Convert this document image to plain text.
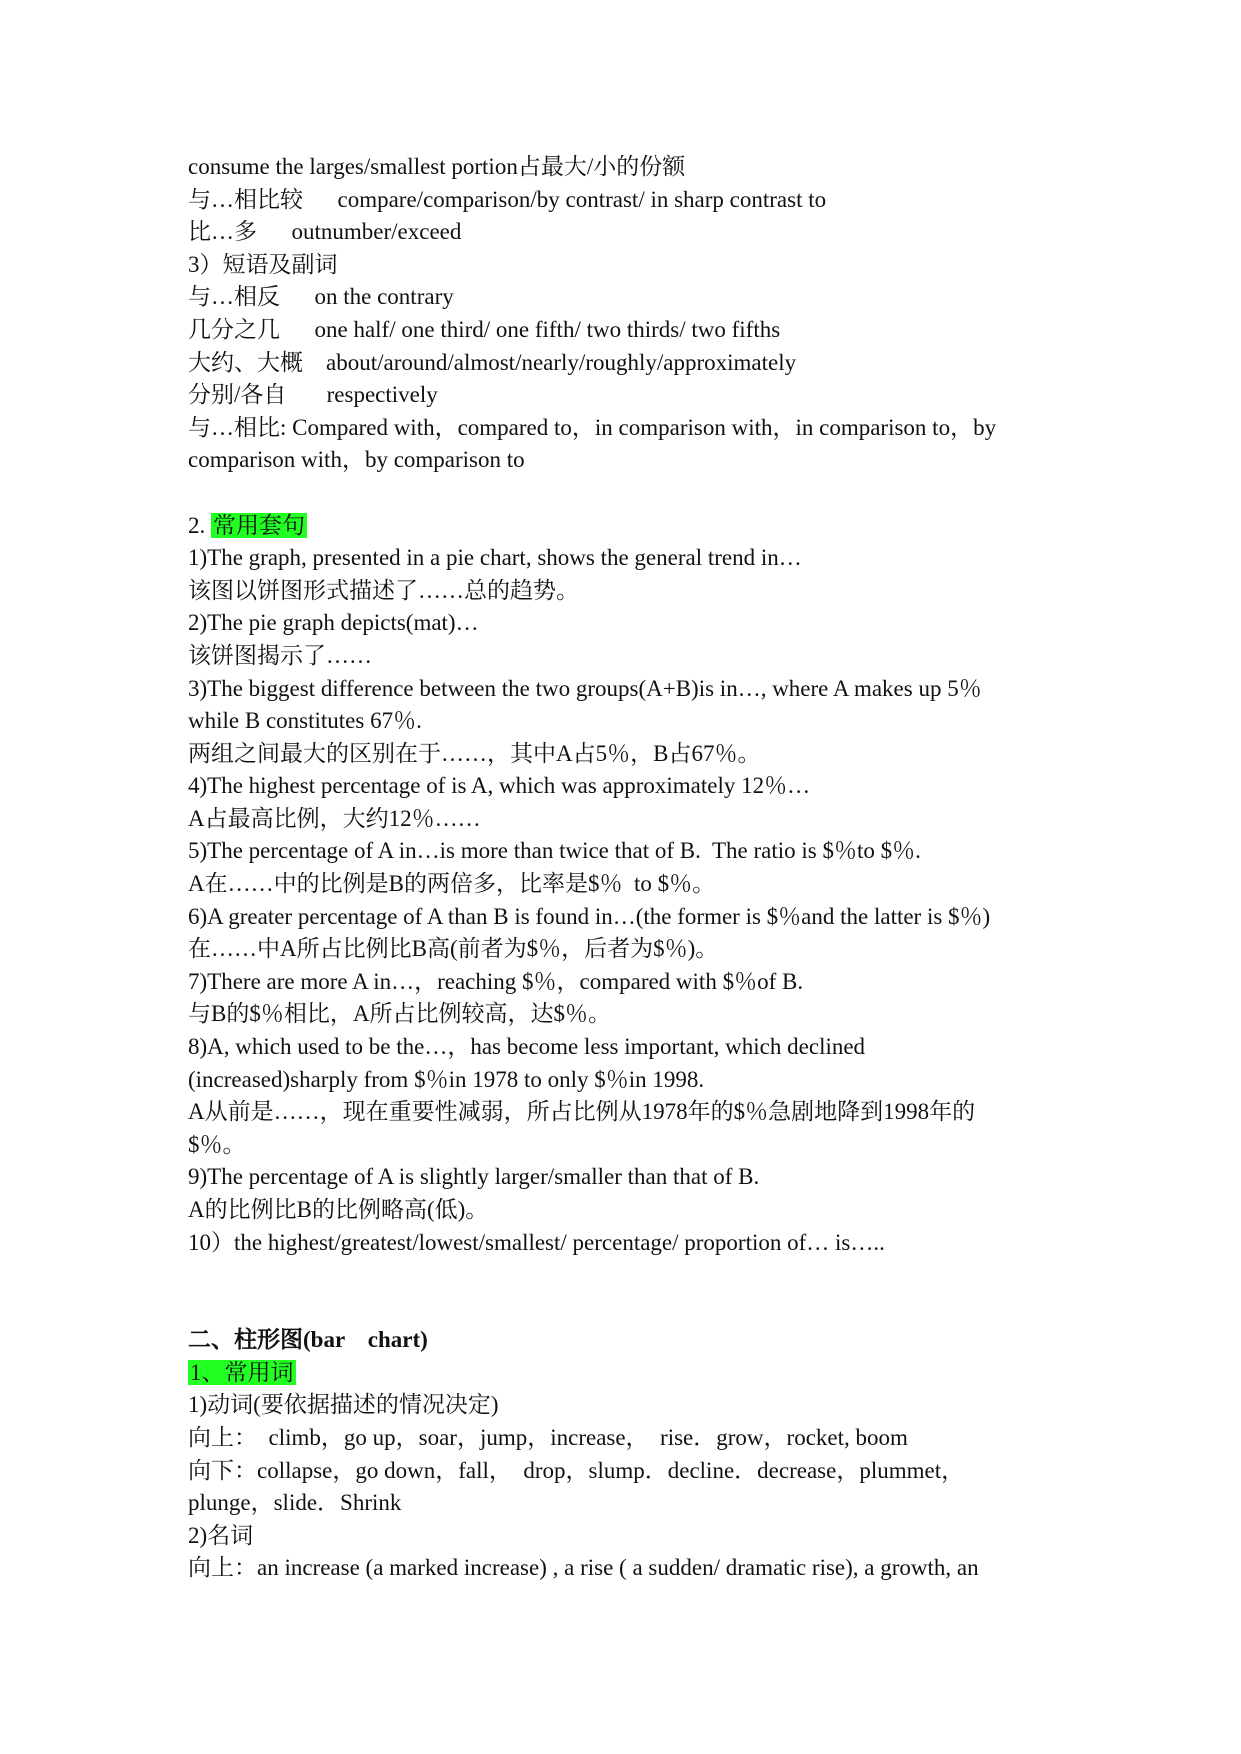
consume the larges/smallest portion占最大/小的份额
与…相比较      compare/comparison/by contrast/ in sharp contrast to
比…多      outnumber/exceed
3）短语及副词
与…相反      on the contrary
几分之几      one half/ one third/ one fifth/ two thirds/ two fifths
大约、大概    about/around/almost/nearly/roughly/approximately
分别/各自       respectively
与…相比: Compared with，compared to，in comparison with，in comparison to，by
comparison with，by comparison to
2. 常用套句
1)The graph, presented in a pie chart, shows the general trend in…
该图以饼图形式描述了……总的趋势。
2)The pie graph depicts(mat)…
该饼图揭示了……
3)The biggest difference between the two groups(A+B)is in…, where A makes up 5％
while B constitutes 67％.
两组之间最大的区别在于……，其中A占5％，B占67％。
4)The highest percentage of is A, which was approximately 12％…
A占最高比例，大约12％……
5)The percentage of A in…is more than twice that of B.  The ratio is $％to $％.
A在……中的比例是B的两倍多，比率是$％  to $％。
6)A greater percentage of A than B is found in…(the former is $％and the latter is $％)
在……中A所占比例比B高(前者为$％，后者为$％)。
7)There are more A in…，reaching $％，compared with $％of B.
与B的$％相比，A所占比例较高，达$％。
8)A, which used to be the…，has become less important, which declined
(increased)sharply from $％in 1978 to only $％in 1998.
A从前是……，现在重要性减弱，所占比例从1978年的$％急剧地降到1998年的
$％。
9)The percentage of A is slightly larger/smaller than that of B.
A的比例比B的比例略高(低)。
10）the highest/greatest/lowest/smallest/ percentage/ proportion of… is…..
二、柱形图(bar    chart)
1、常用词
1)动词(要依据描述的情况决定)
向上：  climb，go up，soar，jump，increase，  rise．grow，rocket, boom
向下：collapse，go down，fall，  drop，slump．decline．decrease，plummet，
plunge，slide．Shrink
2)名词
向上：an increase (a marked increase) , a rise ( a sudden/ dramatic rise), a growth, an
